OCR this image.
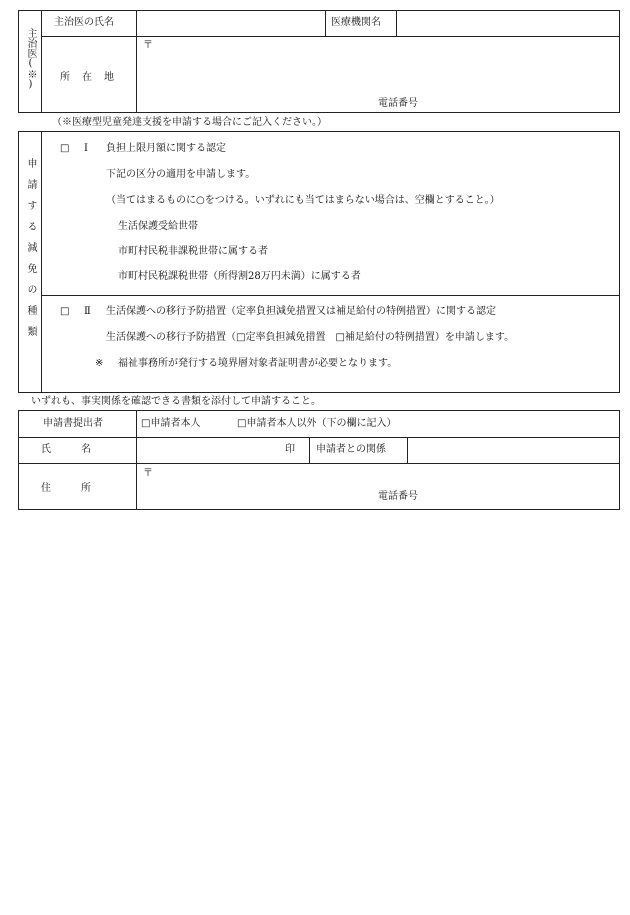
主治医(※)
主治医の氏名	医療機関名
所　在　地
〒
電話番号
（※医療型児童発達支援を申請する場合にご記入ください。）
申請する減免の種類
□ Ⅰ 負担上限月額に関する認定
下記の区分の適用を申請します。
（当てはまるものに○をつける。いずれにも当てはまらない場合は、空欄とすること。）
生活保護受給世帯
市町村民税非課税世帯に属する者
市町村民税課税世帯（所得割28万円未満）に属する者
□ Ⅱ 生活保護への移行予防措置（定率負担減免措置又は補足給付の特例措置）に関する認定
生活保護への移行予防措置（□定率負担減免措置　□補足給付の特例措置）を申請します。
※ 福祉事務所が発行する境界層対象者証明書が必要となります。
いずれも、事実関係を確認できる書類を添付して申請すること。
申請書提出者	□申請者本人	□申請者本人以外（下の欄に記入）
氏　　　名	印 申請者との関係
住　　　所
〒
電話番号
